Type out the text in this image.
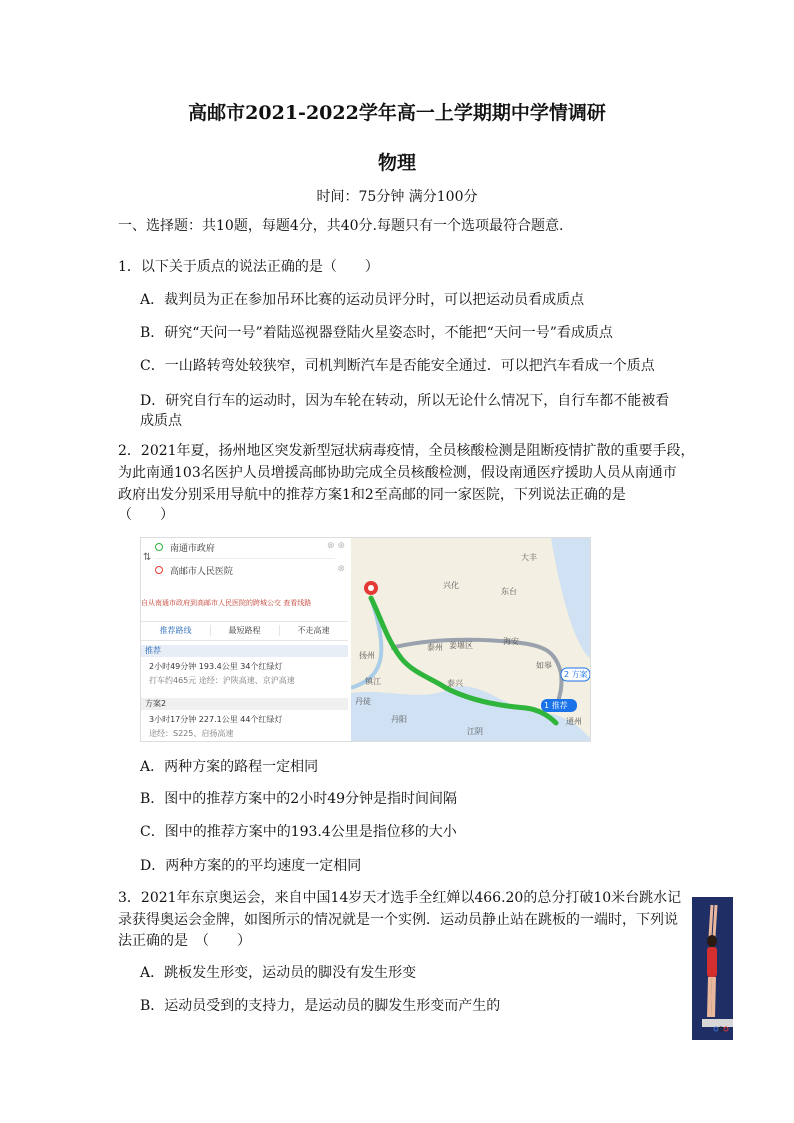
高邮市2021-2022学年高一上学期期中学情调研
物理
时间：75分钟 满分100分
一、选择题：共10题，每题4分，共40分.每题只有一个选项最符合题意.
1．以下关于质点的说法正确的是（　　）
A．裁判员为正在参加吊环比赛的运动员评分时，可以把运动员看成质点
B．研究“天问一号”着陆巡视器登陆火星姿态时，不能把“天问一号”看成质点
C．一山路转弯处较狭窄，司机判断汽车是否能安全通过．可以把汽车看成一个质点
D．研究自行车的运动时，因为车轮在转动，所以无论什么情况下，自行车都不能被看
成质点
2．2021年夏，扬州地区突发新型冠状病毒疫情，全员核酸检测是阻断疫情扩散的重要手段，
为此南通103名医护人员增援高邮协助完成全员核酸检测，假设南通医疗援助人员从南通市
政府出发分别采用导航中的推荐方案1和2至高邮的同一家医院，下列说法正确的是
（　　）
⇅
南通市政府	⊗ ⊕
高邮市人民医院	⊗
自从南通市政府到高邮市人民医院的跨城公交 查看线路
推荐路线	最短路程	不走高速
推荐
2小时49分钟 193.4公里 34个红绿灯
打车约465元 途经：沪陕高速、京沪高速
方案2
3小时17分钟 227.1公里 44个红绿灯
途经：S225、启扬高速
1 推荐
2 方案
兴化
东台
泰州 姜堰区	海安
如皋
扬州
镇江
丹阳
泰兴
丹徒
江阴
通州
大丰
A．两种方案的路程一定相同
B．图中的推荐方案中的2小时49分钟是指时间间隔
C．图中的推荐方案中的193.4公里是指位移的大小
D．两种方案的的平均速度一定相同
3．2021年东京奥运会，来自中国14岁天才选手全红婵以466.20的总分打破10米台跳水记
录获得奥运会金牌，如图所示的情况就是一个实例．运动员静止站在跳板的一端时，下列说
法正确的是　（　　）
A．跳板发生形变，运动员的脚没有发生形变
B．运动员受到的支持力，是运动员的脚发生形变而产生的
